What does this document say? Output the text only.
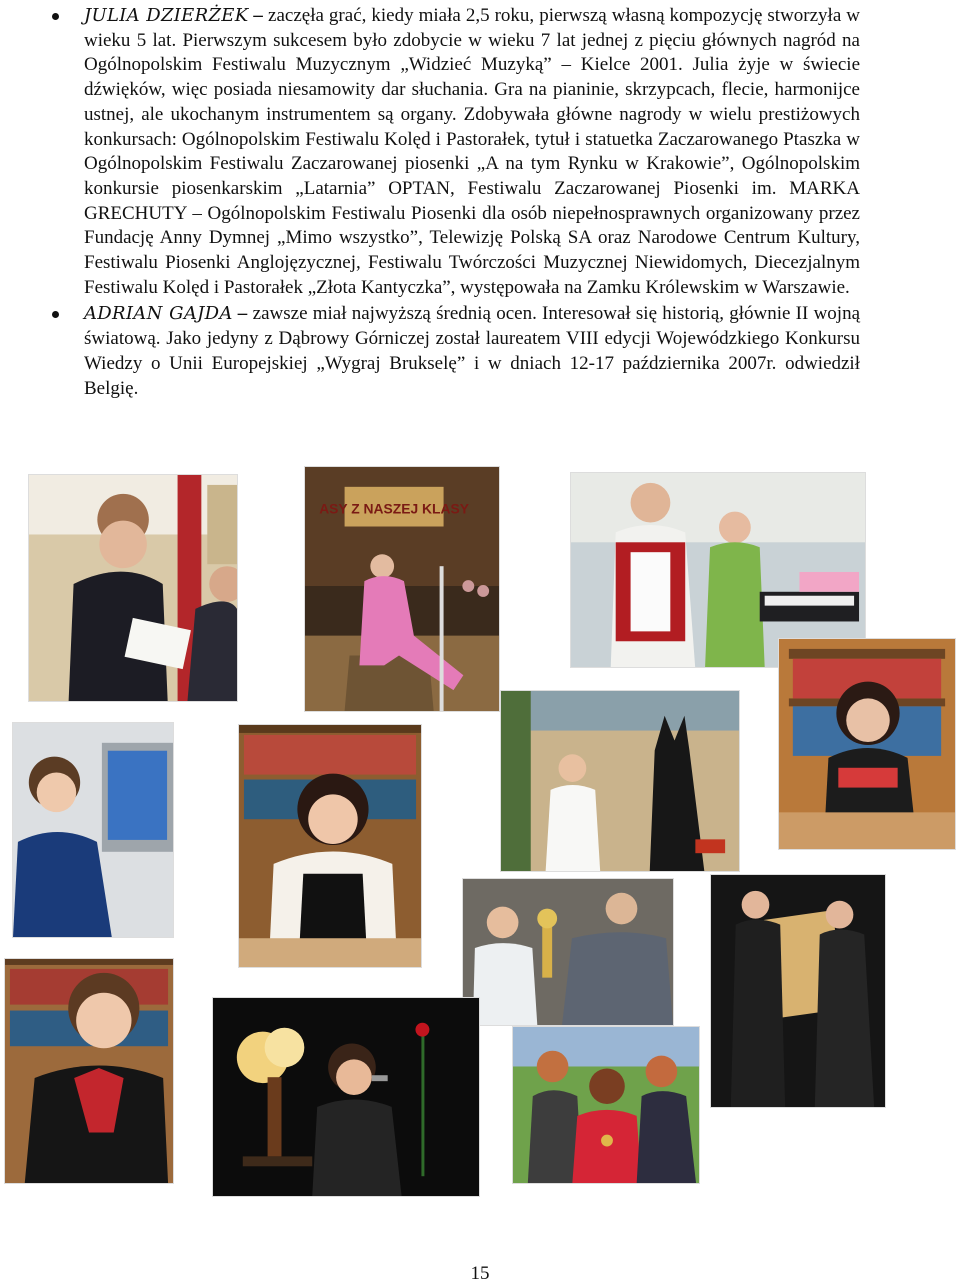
JULIA DZIERŻEK – zaczęła grać, kiedy miała 2,5 roku, pierwszą własną kompozycję stworzyła w wieku 5 lat. Pierwszym sukcesem było zdobycie w wieku 7 lat jednej z pięciu głównych nagród na Ogólnopolskim Festiwalu Muzycznym „Widzieć Muzyką” – Kielce 2001. Julia żyje w świecie dźwięków, więc posiada niesamowity dar słuchania. Gra na pianinie, skrzypcach, flecie, harmonijce ustnej, ale ukochanym instrumentem są organy. Zdobywała główne nagrody w wielu prestiżowych konkursach: Ogólnopolskim Festiwalu Kolęd i Pastorałek, tytuł i statuetka Zaczarowanego Ptaszka w Ogólnopolskim Festiwalu Zaczarowanej piosenki „A na tym Rynku w Krakowie”, Ogólnopolskim konkursie piosenkarskim „Latarnia” OPTAN, Festiwalu Zaczarowanej Piosenki im. MARKA GRECHUTY – Ogólnopolskim Festiwalu Piosenki dla osób niepełnosprawnych organizowany przez Fundację Anny Dymnej „Mimo wszystko”, Telewizję Polską SA oraz Narodowe Centrum Kultury, Festiwalu Piosenki Anglojęzycznej, Festiwalu Twórczości Muzycznej Niewidomych, Diecezjalnym Festiwalu Kolęd i Pastorałek „Złota Kantyczka”, występowała na Zamku Królewskim w Warszawie.
ADRIAN GAJDA – zawsze miał najwyższą średnią ocen. Interesował się historią, głównie II wojną światową. Jako jedyny z Dąbrowy Górniczej został laureatem VIII edycji Wojewódzkiego Konkursu Wiedzy o Unii Europejskiej „Wygraj Brukselę” i w dniach 12-17 października 2007r. odwiedził Belgię.
ASY Z NASZEJ KLASY
15
